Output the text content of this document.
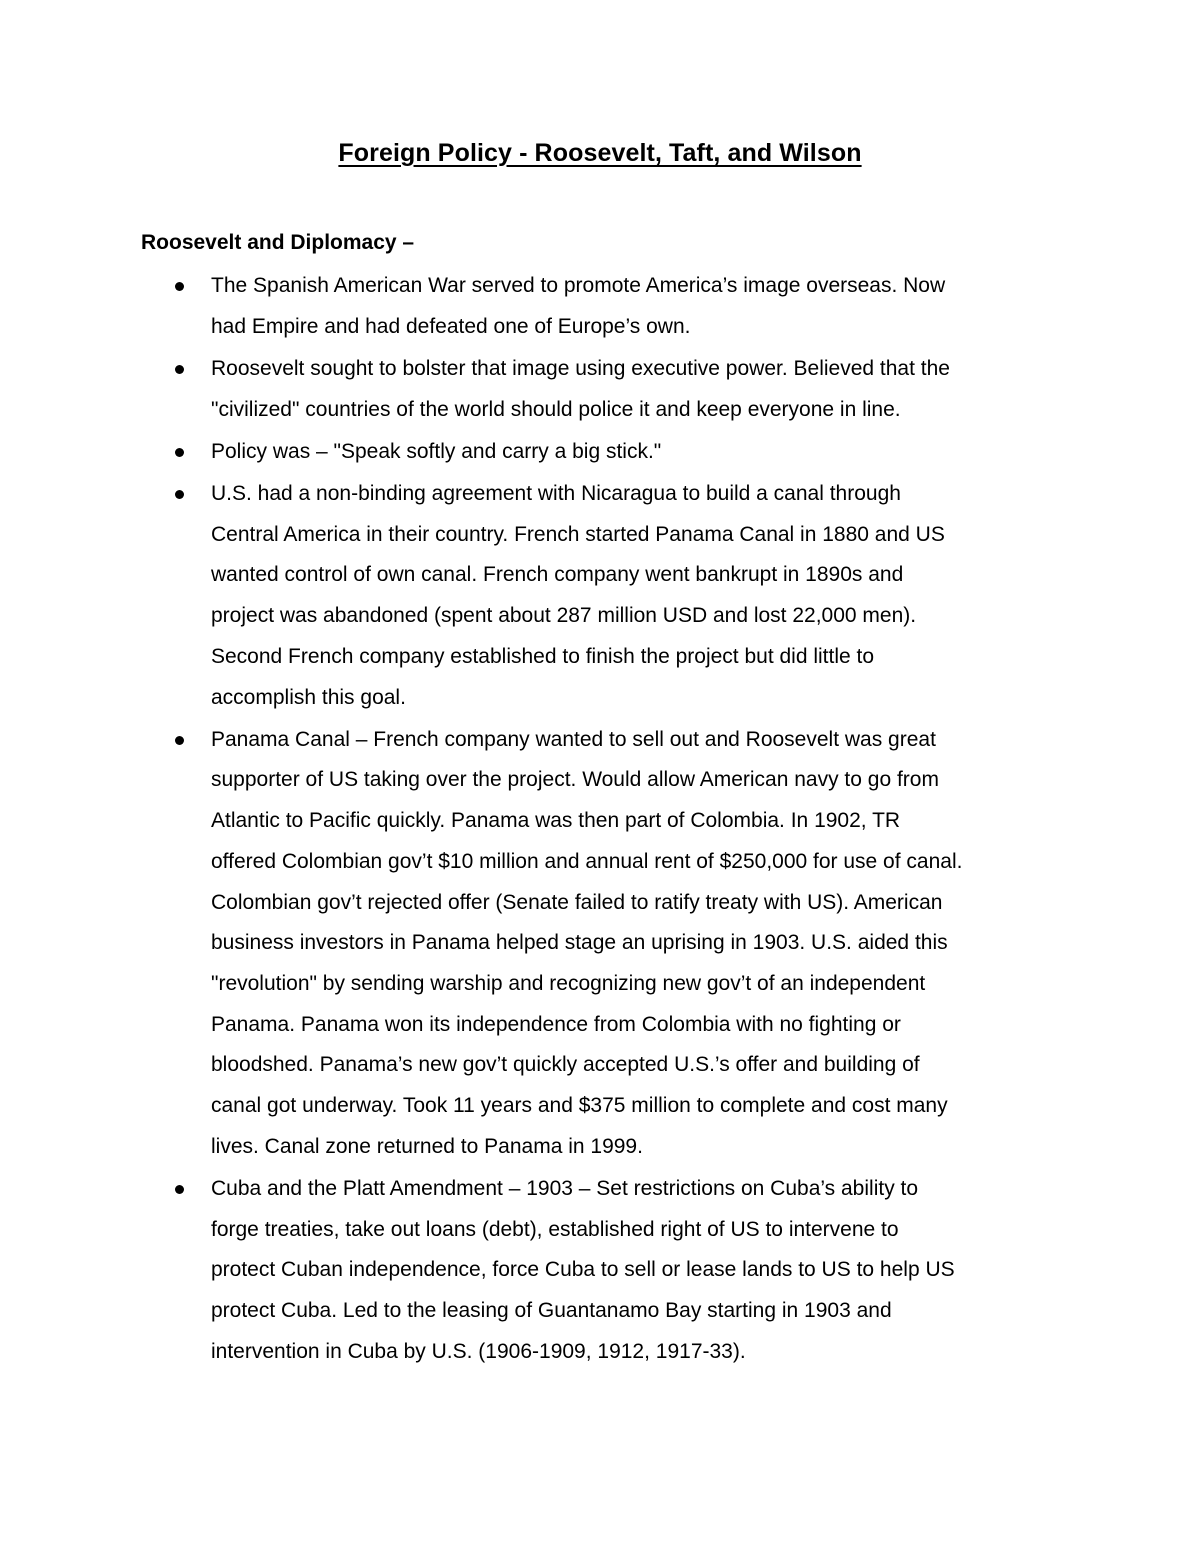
Foreign Policy - Roosevelt, Taft, and Wilson
Roosevelt and Diplomacy –
The Spanish American War served to promote America’s image overseas. Now
had Empire and had defeated one of Europe’s own.
Roosevelt sought to bolster that image using executive power. Believed that the
"civilized" countries of the world should police it and keep everyone in line.
Policy was – "Speak softly and carry a big stick."
U.S. had a non-binding agreement with Nicaragua to build a canal through
Central America in their country. French started Panama Canal in 1880 and US
wanted control of own canal. French company went bankrupt in 1890s and
project was abandoned (spent about 287 million USD and lost 22,000 men).
Second French company established to finish the project but did little to
accomplish this goal.
Panama Canal – French company wanted to sell out and Roosevelt was great
supporter of US taking over the project. Would allow American navy to go from
Atlantic to Pacific quickly. Panama was then part of Colombia. In 1902, TR
offered Colombian gov’t $10 million and annual rent of $250,000 for use of canal.
Colombian gov’t rejected offer (Senate failed to ratify treaty with US). American
business investors in Panama helped stage an uprising in 1903. U.S. aided this
"revolution" by sending warship and recognizing new gov’t of an independent
Panama. Panama won its independence from Colombia with no fighting or
bloodshed. Panama’s new gov’t quickly accepted U.S.’s offer and building of
canal got underway. Took 11 years and $375 million to complete and cost many
lives. Canal zone returned to Panama in 1999.
Cuba and the Platt Amendment – 1903 – Set restrictions on Cuba’s ability to
forge treaties, take out loans (debt), established right of US to intervene to
protect Cuban independence, force Cuba to sell or lease lands to US to help US
protect Cuba. Led to the leasing of Guantanamo Bay starting in 1903 and
intervention in Cuba by U.S. (1906-1909, 1912, 1917-33).
